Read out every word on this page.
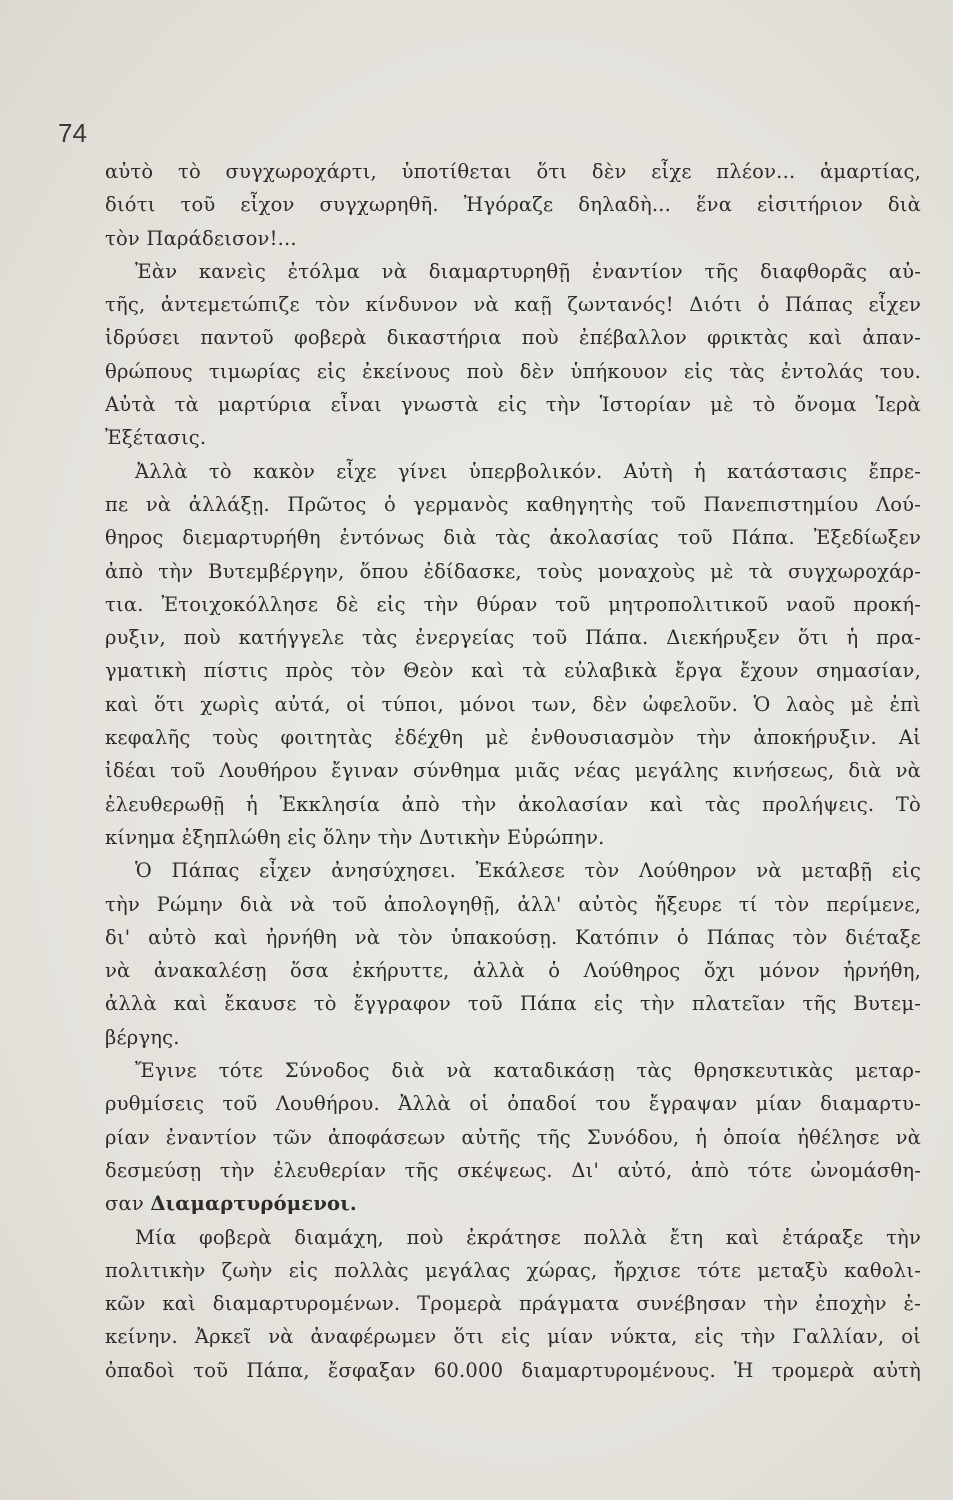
74
αὐτὸ τὸ συγχωροχάρτι, ὑποτίθεται ὅτι δὲν εἶχε πλέον... ἁμαρτίας,
διότι τοῦ εἶχον συγχωρηθῆ. Ἠγόραζε δηλαδὴ... ἕνα εἰσιτήριον διὰ
τὸν Παράδεισον!...
Ἐὰν κανεὶς ἐτόλμα νὰ διαμαρτυρηθῇ ἐναντίον τῆς διαφθορᾶς αὐ-
τῆς, ἀντεμετώπιζε τὸν κίνδυνον νὰ καῇ ζωντανός! Διότι ὁ Πάπας εἶχεν
ἱδρύσει παντοῦ φοβερὰ δικαστήρια ποὺ ἐπέβαλλον φρικτὰς καὶ ἀπαν-
θρώπους τιμωρίας εἰς ἐκείνους ποὺ δὲν ὑπήκουον εἰς τὰς ἐντολάς του.
Αὐτὰ τὰ μαρτύρια εἶναι γνωστὰ εἰς τὴν Ἱστορίαν μὲ τὸ ὄνομα Ἱερὰ
Ἐξέτασις.
Ἀλλὰ τὸ κακὸν εἶχε γίνει ὑπερβολικόν. Αὐτὴ ἡ κατάστασις ἔπρε-
πε νὰ ἀλλάξῃ. Πρῶτος ὁ γερμανὸς καθηγητὴς τοῦ Πανεπιστημίου Λού-
θηρος διεμαρτυρήθη ἐντόνως διὰ τὰς ἀκολασίας τοῦ Πάπα. Ἐξεδίωξεν
ἀπὸ τὴν Βυτεμβέργην, ὅπου ἐδίδασκε, τοὺς μοναχοὺς μὲ τὰ συγχωροχάρ-
τια. Ἐτοιχοκόλλησε δὲ εἰς τὴν θύραν τοῦ μητροπολιτικοῦ ναοῦ προκή-
ρυξιν, ποὺ κατήγγελε τὰς ἐνεργείας τοῦ Πάπα. Διεκήρυξεν ὅτι ἡ πρα-
γματικὴ πίστις πρὸς τὸν Θεὸν καὶ τὰ εὐλαβικὰ ἔργα ἔχουν σημασίαν,
καὶ ὅτι χωρὶς αὐτά, οἱ τύποι, μόνοι των, δὲν ὠφελοῦν. Ὁ λαὸς μὲ ἐπὶ
κεφαλῆς τοὺς φοιτητὰς ἐδέχθη μὲ ἐνθουσιασμὸν τὴν ἀποκήρυξιν. Αἱ
ἰδέαι τοῦ Λουθήρου ἔγιναν σύνθημα μιᾶς νέας μεγάλης κινήσεως, διὰ νὰ
ἐλευθερωθῇ ἡ Ἐκκλησία ἀπὸ τὴν ἀκολασίαν καὶ τὰς προλήψεις. Τὸ
κίνημα ἐξηπλώθη εἰς ὅλην τὴν Δυτικὴν Εὐρώπην.
Ὁ Πάπας εἶχεν ἀνησύχησει. Ἐκάλεσε τὸν Λούθηρον νὰ μεταβῇ εἰς
τὴν Ρώμην διὰ νὰ τοῦ ἀπολογηθῇ, ἀλλ' αὐτὸς ἤξευρε τί τὸν περίμενε,
δι' αὐτὸ καὶ ἠρνήθη νὰ τὸν ὑπακούσῃ. Κατόπιν ὁ Πάπας τὸν διέταξε
νὰ ἀνακαλέσῃ ὅσα ἐκήρυττε, ἀλλὰ ὁ Λούθηρος ὄχι μόνον ἠρνήθη,
ἀλλὰ καὶ ἔκαυσε τὸ ἔγγραφον τοῦ Πάπα εἰς τὴν πλατεῖαν τῆς Βυτεμ-
βέργης.
Ἔγινε τότε Σύνοδος διὰ νὰ καταδικάσῃ τὰς θρησκευτικὰς μεταρ-
ρυθμίσεις τοῦ Λουθήρου. Ἀλλὰ οἱ ὀπαδοί του ἔγραψαν μίαν διαμαρτυ-
ρίαν ἐναντίον τῶν ἀποφάσεων αὐτῆς τῆς Συνόδου, ἡ ὁποία ἠθέλησε νὰ
δεσμεύσῃ τὴν ἐλευθερίαν τῆς σκέψεως. Δι' αὐτό, ἀπὸ τότε ὠνομάσθη-
σαν Διαμαρτυρόμενοι.
Μία φοβερὰ διαμάχη, ποὺ ἐκράτησε πολλὰ ἔτη καὶ ἐτάραξε τὴν
πολιτικὴν ζωὴν εἰς πολλὰς μεγάλας χώρας, ἤρχισε τότε μεταξὺ καθολι-
κῶν καὶ διαμαρτυρομένων. Τρομερὰ πράγματα συνέβησαν τὴν ἐποχὴν ἐ-
κείνην. Ἀρκεῖ νὰ ἀναφέρωμεν ὅτι εἰς μίαν νύκτα, εἰς τὴν Γαλλίαν, οἱ
ὀπαδοὶ τοῦ Πάπα, ἔσφαξαν 60.000 διαμαρτυρομένους. Ἡ τρομερὰ αὐτὴ
